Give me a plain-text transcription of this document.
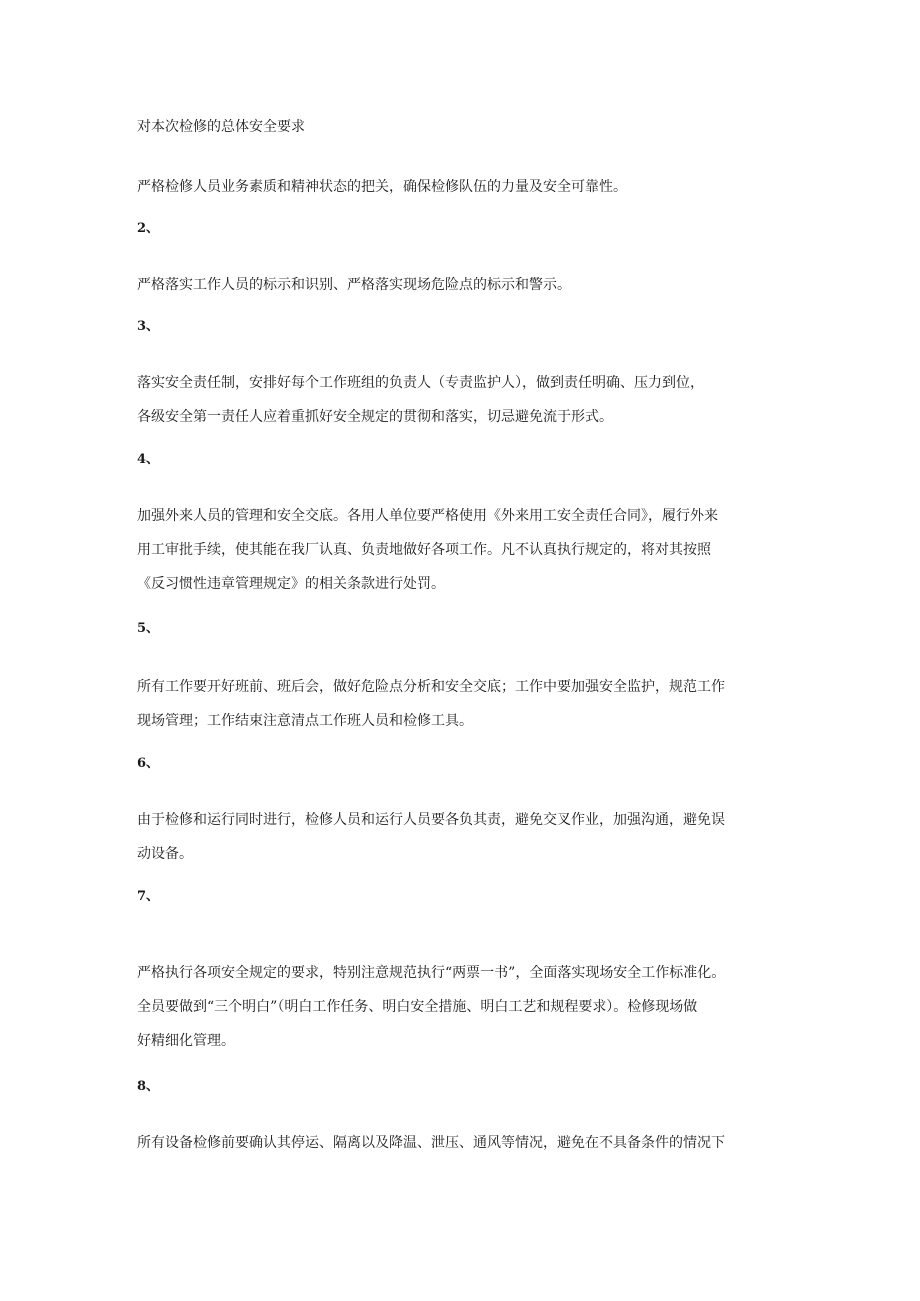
对本次检修的总体安全要求
严格检修人员业务素质和精神状态的把关，确保检修队伍的力量及安全可靠性。
2、
严格落实工作人员的标示和识别、严格落实现场危险点的标示和警示。
3、
落实安全责任制，安排好每个工作班组的负责人（专责监护人），做到责任明确、压力到位，
各级安全第一责任人应着重抓好安全规定的贯彻和落实，切忌避免流于形式。
4、
加强外来人员的管理和安全交底。各用人单位要严格使用《外来用工安全责任合同》，履行外来
用工审批手续，使其能在我厂认真、负责地做好各项工作。凡不认真执行规定的，将对其按照
《反习惯性违章管理规定》的相关条款进行处罚。
5、
所有工作要开好班前、班后会，做好危险点分析和安全交底；工作中要加强安全监护，规范工作
现场管理；工作结束注意清点工作班人员和检修工具。
6、
由于检修和运行同时进行，检修人员和运行人员要各负其责，避免交叉作业，加强沟通，避免误
动设备。
7、
严格执行各项安全规定的要求，特别注意规范执行“两票一书”，全面落实现场安全工作标准化。
全员要做到“三个明白”（明白工作任务、明白安全措施、明白工艺和规程要求）。检修现场做
好精细化管理。
8、
所有设备检修前要确认其停运、隔离以及降温、泄压、通风等情况，避免在不具备条件的情况下
